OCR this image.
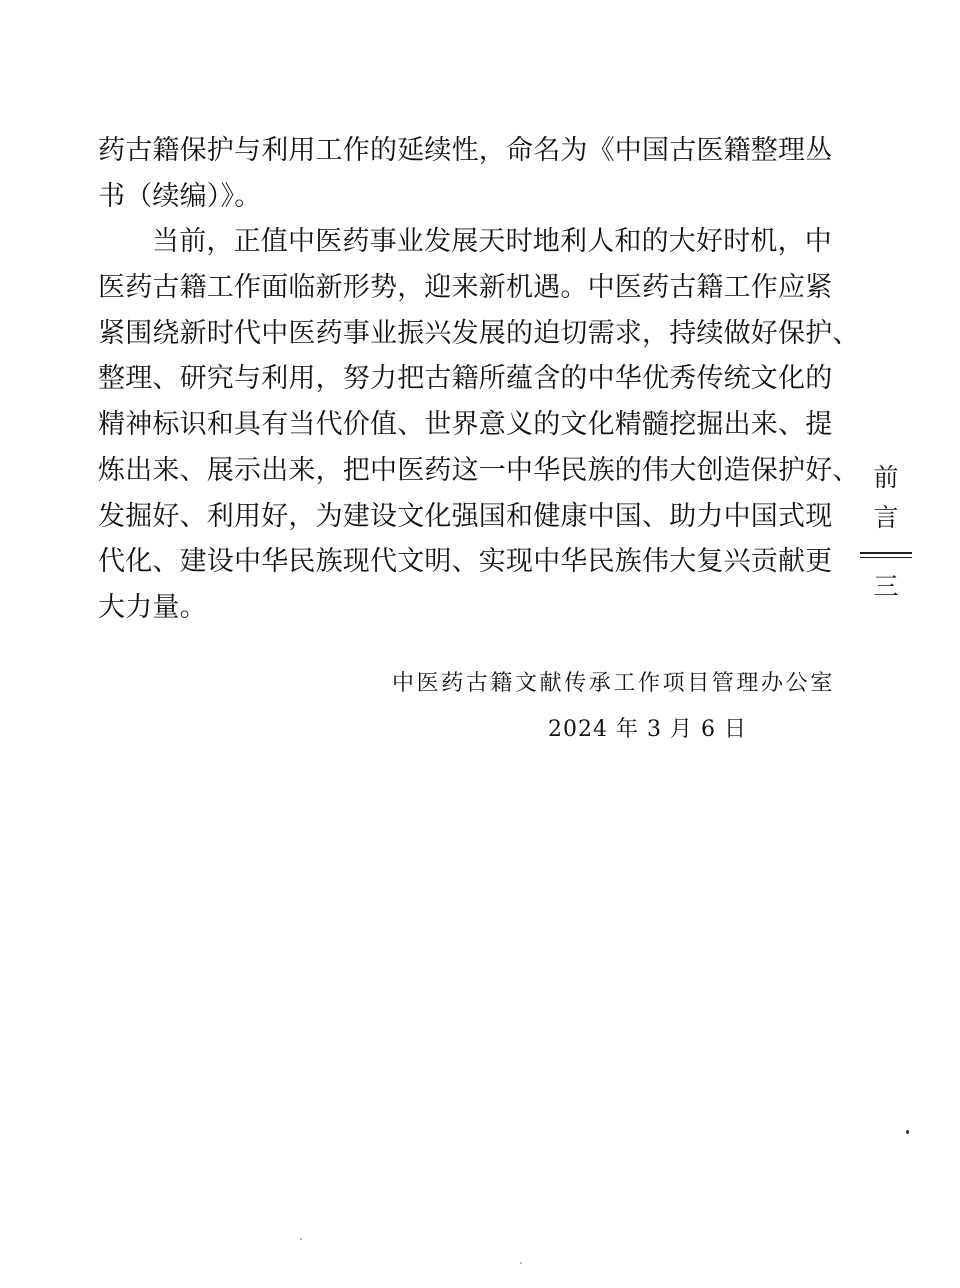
药古籍保护与利用工作的延续性，命名为《中国古医籍整理丛
书（续编）》。
当前，正值中医药事业发展天时地利人和的大好时机，中
医药古籍工作面临新形势，迎来新机遇。中医药古籍工作应紧
紧围绕新时代中医药事业振兴发展的迫切需求，持续做好保护、
整理、研究与利用，努力把古籍所蕴含的中华优秀传统文化的
精神标识和具有当代价值、世界意义的文化精髓挖掘出来、提
炼出来、展示出来，把中医药这一中华民族的伟大创造保护好、
发掘好、利用好，为建设文化强国和健康中国、助力中国式现
代化、建设中华民族现代文明、实现中华民族伟大复兴贡献更
大力量。
中医药古籍文献传承工作项目管理办公室
2024 年 3 月 6 日
前
言
三
